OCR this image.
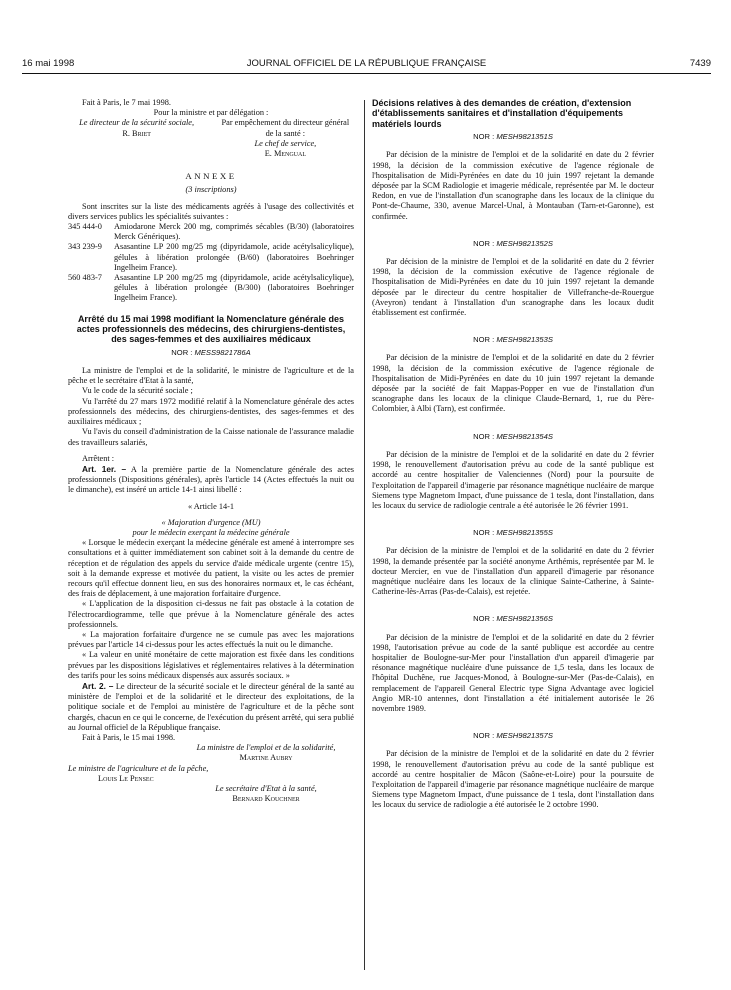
16 mai 1998	JOURNAL OFFICIEL DE LA RÉPUBLIQUE FRANÇAISE	7439

Fait à Paris, le 7 mai 1998.

Pour la ministre et par délégation :

Le directeur de la sécurité sociale,
R. Briet
Par empêchement du directeur général de la santé :
Le chef de service,
E. Mengual
ANNEXE

(3 inscriptions)

Sont inscrites sur la liste des médicaments agréés à l'usage des collectivités et divers services publics les spécialités suivantes :

345 444-0	Amiodarone Merck 200 mg, comprimés sécables (B/30) (laboratoires Merck Génériques).
343 239-9	Asasantine LP 200 mg/25 mg (dipyridamole, acide acétylsalicylique), gélules à libération prolongée (B/60) (laboratoires Boehringer Ingelheim France).
560 483-7	Asasantine LP 200 mg/25 mg (dipyridamole, acide acétylsalicylique), gélules à libération prolongée (B/300) (laboratoires Boehringer Ingelheim France).
Arrêté du 15 mai 1998 modifiant la Nomenclature générale des actes professionnels des médecins, des chirurgiens-dentistes, des sages-femmes et des auxiliaires médicaux
NOR : MESS9821786A

La ministre de l'emploi et de la solidarité, le ministre de l'agriculture et de la pêche et le secrétaire d'Etat à la santé,

Vu le code de la sécurité sociale ;

Vu l'arrêté du 27 mars 1972 modifié relatif à la Nomenclature générale des actes professionnels des médecins, des chirurgiens-dentistes, des sages-femmes et des auxiliaires médicaux ;

Vu l'avis du conseil d'administration de la Caisse nationale de l'assurance maladie des travailleurs salariés,

Arrêtent :

Art. 1er. – A la première partie de la Nomenclature générale des actes professionnels (Dispositions générales), après l'article 14 (Actes effectués la nuit ou le dimanche), est inséré un article 14-1 ainsi libellé :

« Article 14-1

« Majoration d'urgence (MU)

pour le médecin exerçant la médecine générale

« Lorsque le médecin exerçant la médecine générale est amené à interrompre ses consultations et à quitter immédiatement son cabinet soit à la demande du centre de réception et de régulation des appels du service d'aide médicale urgente (centre 15), soit à la demande expresse et motivée du patient, la visite ou les actes de premier recours qu'il effectue donnent lieu, en sus des honoraires normaux et, le cas échéant, des frais de déplacement, à une majoration forfaitaire d'urgence.

« L'application de la disposition ci-dessus ne fait pas obstacle à la cotation de l'électrocardiogramme, telle que prévue à la Nomenclature générale des actes professionnels.

« La majoration forfaitaire d'urgence ne se cumule pas avec les majorations prévues par l'article 14 ci-dessus pour les actes effectués la nuit ou le dimanche.

« La valeur en unité monétaire de cette majoration est fixée dans les conditions prévues par les dispositions législatives et réglementaires relatives à la détermination des tarifs pour les soins médicaux dispensés aux assurés sociaux. »

Art. 2. – Le directeur de la sécurité sociale et le directeur général de la santé au ministère de l'emploi et de la solidarité et le directeur des exploitations, de la politique sociale et de l'emploi au ministère de l'agriculture et de la pêche sont chargés, chacun en ce qui le concerne, de l'exécution du présent arrêté, qui sera publié au Journal officiel de la République française.

Fait à Paris, le 15 mai 1998.

La ministre de l'emploi et de la solidarité,
Martine Aubry
Le ministre de l'agriculture et de la pêche,
Louis Le Pensec
Le secrétaire d'Etat à la santé,
Bernard Kouchner
Décisions relatives à des demandes de création, d'extension d'établissements sanitaires et d'installation d'équipements matériels lourds
NOR : MESH9821351S

Par décision de la ministre de l'emploi et de la solidarité en date du 2 février 1998, la décision de la commission exécutive de l'agence régionale de l'hospitalisation de Midi-Pyrénées en date du 10 juin 1997 rejetant la demande déposée par la SCM Radiologie et imagerie médicale, représentée par M. le docteur Redon, en vue de l'installation d'un scanographe dans les locaux de la clinique du Pont-de-Chaume, 330, avenue Marcel-Unal, à Montauban (Tarn-et-Garonne), est confirmée.

NOR : MESH9821352S

Par décision de la ministre de l'emploi et de la solidarité en date du 2 février 1998, la décision de la commission exécutive de l'agence régionale de l'hospitalisation de Midi-Pyrénées en date du 10 juin 1997 rejetant la demande déposée par le directeur du centre hospitalier de Villefranche-de-Rouergue (Aveyron) tendant à l'installation d'un scanographe dans les locaux dudit établissement est confirmée.

NOR : MESH9821353S

Par décision de la ministre de l'emploi et de la solidarité en date du 2 février 1998, la décision de la commission exécutive de l'agence régionale de l'hospitalisation de Midi-Pyrénées en date du 10 juin 1997 rejetant la demande déposée par la société de fait Mappas-Popper en vue de l'installation d'un scanographe dans les locaux de la clinique Claude-Bernard, 1, rue du Père-Colombier, à Albi (Tarn), est confirmée.

NOR : MESH9821354S

Par décision de la ministre de l'emploi et de la solidarité en date du 2 février 1998, le renouvellement d'autorisation prévu au code de la santé publique est accordé au centre hospitalier de Valenciennes (Nord) pour la poursuite de l'exploitation de l'appareil d'imagerie par résonance magnétique nucléaire de marque Siemens type Magnetom Impact, d'une puissance de 1 tesla, dont l'installation, dans les locaux du service de radiologie centrale a été autorisée le 26 février 1991.

NOR : MESH9821355S

Par décision de la ministre de l'emploi et de la solidarité en date du 2 février 1998, la demande présentée par la société anonyme Arthémis, représentée par M. le docteur Mercier, en vue de l'installation d'un appareil d'imagerie par résonance magnétique nucléaire dans les locaux de la clinique Sainte-Catherine, à Sainte-Catherine-lès-Arras (Pas-de-Calais), est rejetée.

NOR : MESH9821356S

Par décision de la ministre de l'emploi et de la solidarité en date du 2 février 1998, l'autorisation prévue au code de la santé publique est accordée au centre hospitalier de Boulogne-sur-Mer pour l'installation d'un appareil d'imagerie par résonance magnétique nucléaire d'une puissance de 1,5 tesla, dans les locaux de l'hôpital Duchêne, rue Jacques-Monod, à Boulogne-sur-Mer (Pas-de-Calais), en remplacement de l'appareil General Electric type Signa Advantage avec logiciel Angio MR-10 antennes, dont l'installation a été initialement autorisée le 26 novembre 1989.

NOR : MESH9821357S

Par décision de la ministre de l'emploi et de la solidarité en date du 2 février 1998, le renouvellement d'autorisation prévu au code de la santé publique est accordé au centre hospitalier de Mâcon (Saône-et-Loire) pour la poursuite de l'exploitation de l'appareil d'imagerie par résonance magnétique nucléaire de marque Siemens type Magnetom Impact, d'une puissance de 1 tesla, dont l'installation dans les locaux du service de radiologie a été autorisée le 2 octobre 1990.
